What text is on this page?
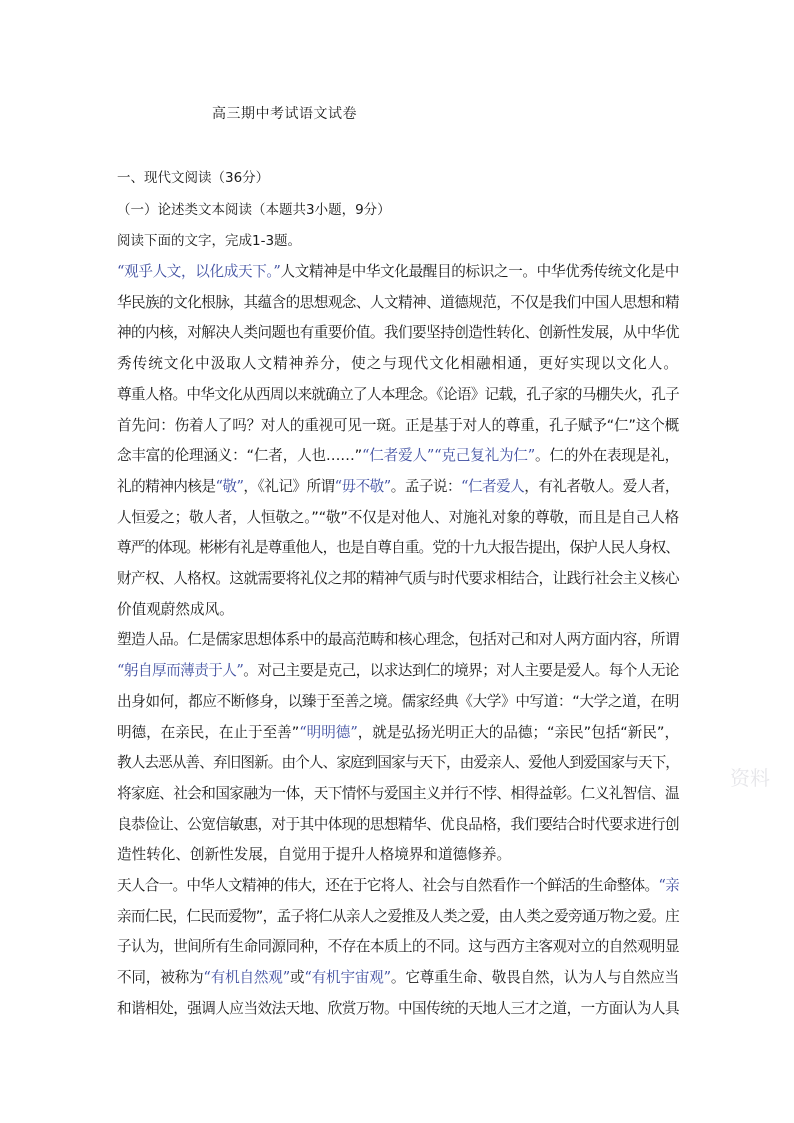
高三期中考试语文试卷
一、现代文阅读（36分）
（一）论述类文本阅读（本题共3小题，9分）
阅读下面的文字，完成1-3题。
“观乎人文，以化成天下。”人文精神是中华文化最醒目的标识之一。中华优秀传统文化是中
华民族的文化根脉，其蕴含的思想观念、人文精神、道德规范，不仅是我们中国人思想和精
神的内核，对解决人类问题也有重要价值。我们要坚持创造性转化、创新性发展，从中华优
秀传统文化中汲取人文精神养分，使之与现代文化相融相通，更好实现以文化人。
尊重人格。中华文化从西周以来就确立了人本理念。《论语》记载，孔子家的马棚失火，孔子
首先问：伤着人了吗？对人的重视可见一斑。正是基于对人的尊重，孔子赋予“仁”这个概
念丰富的伦理涵义：“仁者，人也……”“仁者爱人”“克己复礼为仁”。仁的外在表现是礼，
礼的精神内核是“敬”，《礼记》所谓“毋不敬”。孟子说：“仁者爱人，有礼者敬人。爱人者，
人恒爱之；敬人者，人恒敬之。”“敬”不仅是对他人、对施礼对象的尊敬，而且是自己人格
尊严的体现。彬彬有礼是尊重他人，也是自尊自重。党的十九大报告提出，保护人民人身权、
财产权、人格权。这就需要将礼仪之邦的精神气质与时代要求相结合，让践行社会主义核心
价值观蔚然成风。
塑造人品。仁是儒家思想体系中的最高范畴和核心理念，包括对己和对人两方面内容，所谓
“躬自厚而薄责于人”。对己主要是克己，以求达到仁的境界；对人主要是爱人。每个人无论
出身如何，都应不断修身，以臻于至善之境。儒家经典《大学》中写道：“大学之道，在明
明德，在亲民，在止于至善”“明明德”，就是弘扬光明正大的品德；“亲民”包括“新民”，
教人去恶从善、弃旧图新。由个人、家庭到国家与天下，由爱亲人、爱他人到爱国家与天下，
将家庭、社会和国家融为一体，天下情怀与爱国主义并行不悖、相得益彰。仁义礼智信、温
良恭俭让、公宽信敏惠，对于其中体现的思想精华、优良品格，我们要结合时代要求进行创
造性转化、创新性发展，自觉用于提升人格境界和道德修养。
天人合一。中华人文精神的伟大，还在于它将人、社会与自然看作一个鲜活的生命整体。“亲
亲而仁民，仁民而爱物”，孟子将仁从亲人之爱推及人类之爱，由人类之爱旁通万物之爱。庄
子认为，世间所有生命同源同种，不存在本质上的不同。这与西方主客观对立的自然观明显
不同，被称为“有机自然观”或“有机宇宙观”。它尊重生命、敬畏自然，认为人与自然应当
和谐相处，强调人应当效法天地、欣赏万物。中国传统的天地人三才之道，一方面认为人具
资料
